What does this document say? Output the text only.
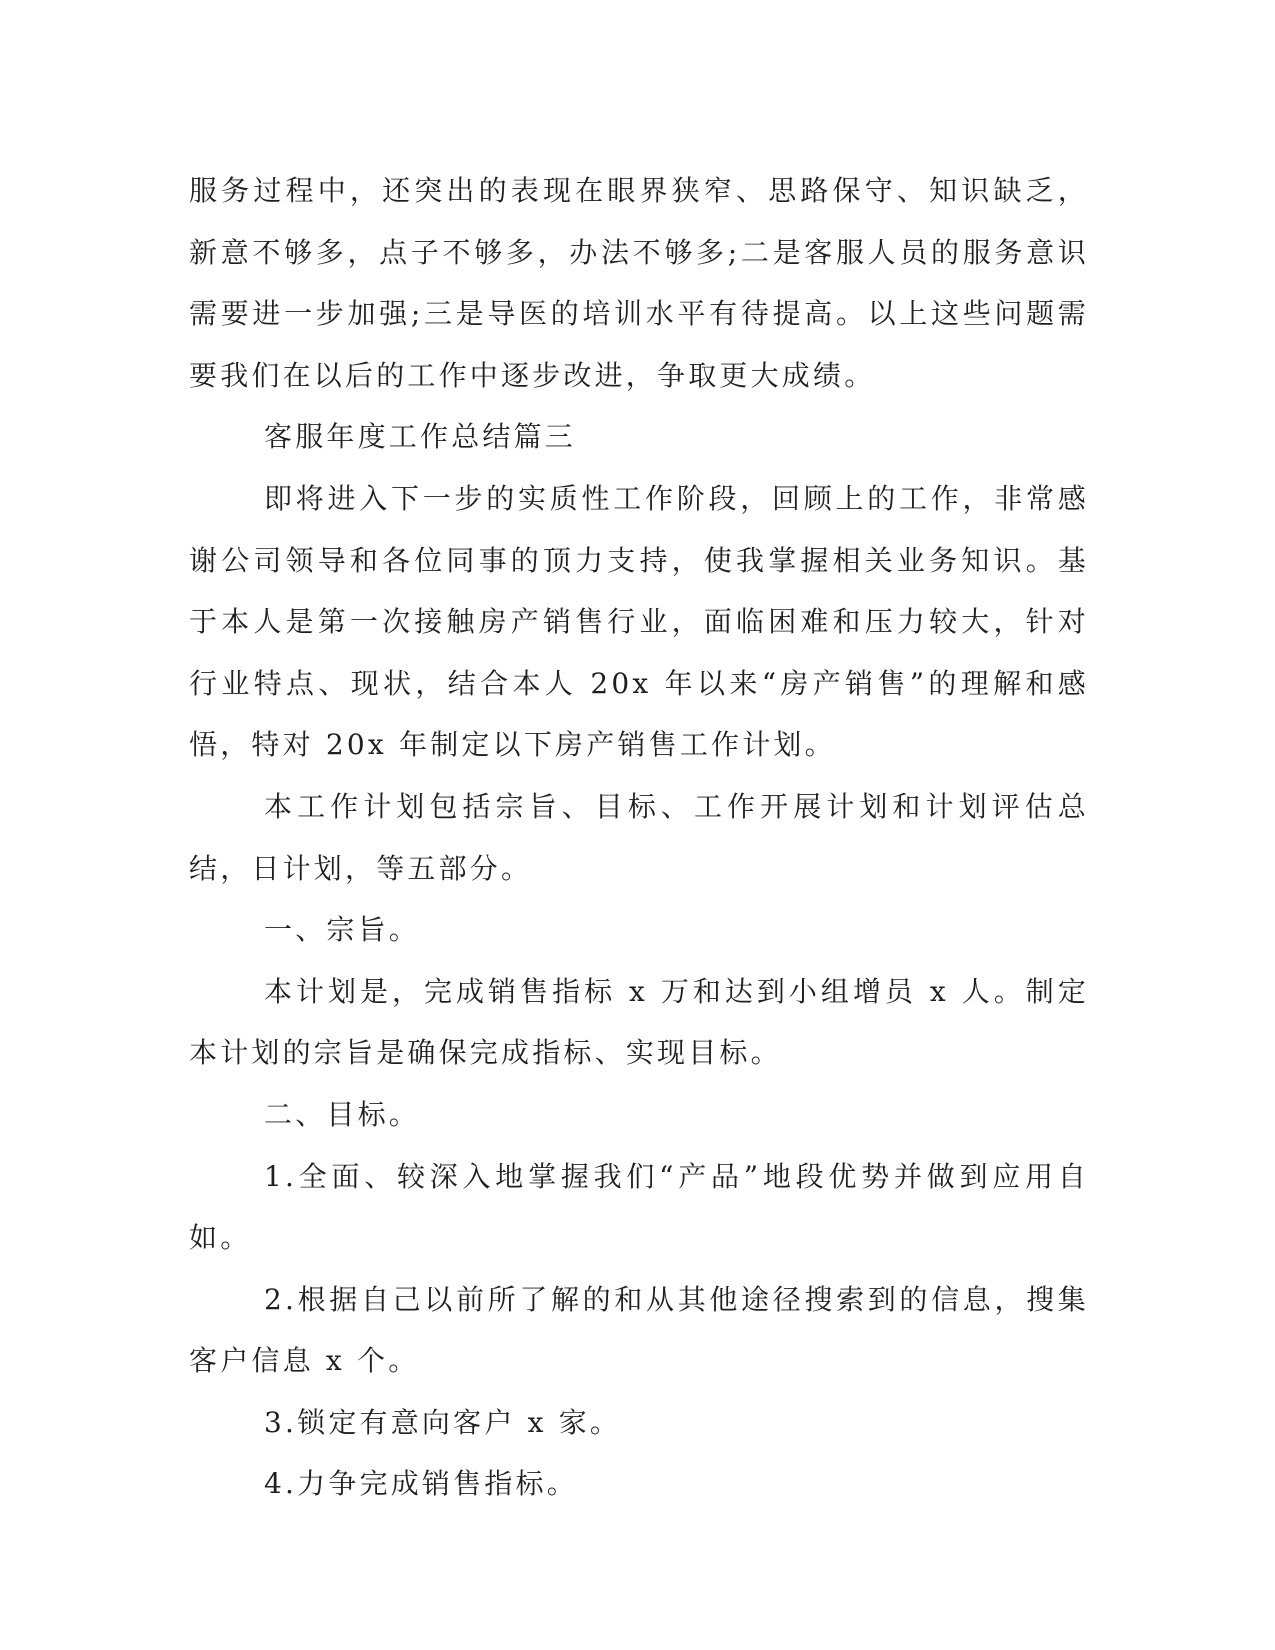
服务过程中，还突出的表现在眼界狭窄、思路保守、知识缺乏，新意不够多，点子不够多，办法不够多;二是客服人员的服务意识需要进一步加强;三是导医的培训水平有待提高。以上这些问题需要我们在以后的工作中逐步改进，争取更大成绩。

客服年度工作总结篇三

即将进入下一步的实质性工作阶段，回顾上的工作，非常感谢公司领导和各位同事的顶力支持，使我掌握相关业务知识。基于本人是第一次接触房产销售行业，面临困难和压力较大，针对行业特点、现状，结合本人 20x 年以来“房产销售”的理解和感悟，特对 20x 年制定以下房产销售工作计划。

本工作计划包括宗旨、目标、工作开展计划和计划评估总结，日计划，等五部分。

一、宗旨。

本计划是，完成销售指标 x 万和达到小组增员 x 人。制定本计划的宗旨是确保完成指标、实现目标。

二、目标。

1.全面、较深入地掌握我们“产品”地段优势并做到应用自如。

2.根据自己以前所了解的和从其他途径搜索到的信息，搜集客户信息 x 个。

3.锁定有意向客户 x 家。

4.力争完成销售指标。
